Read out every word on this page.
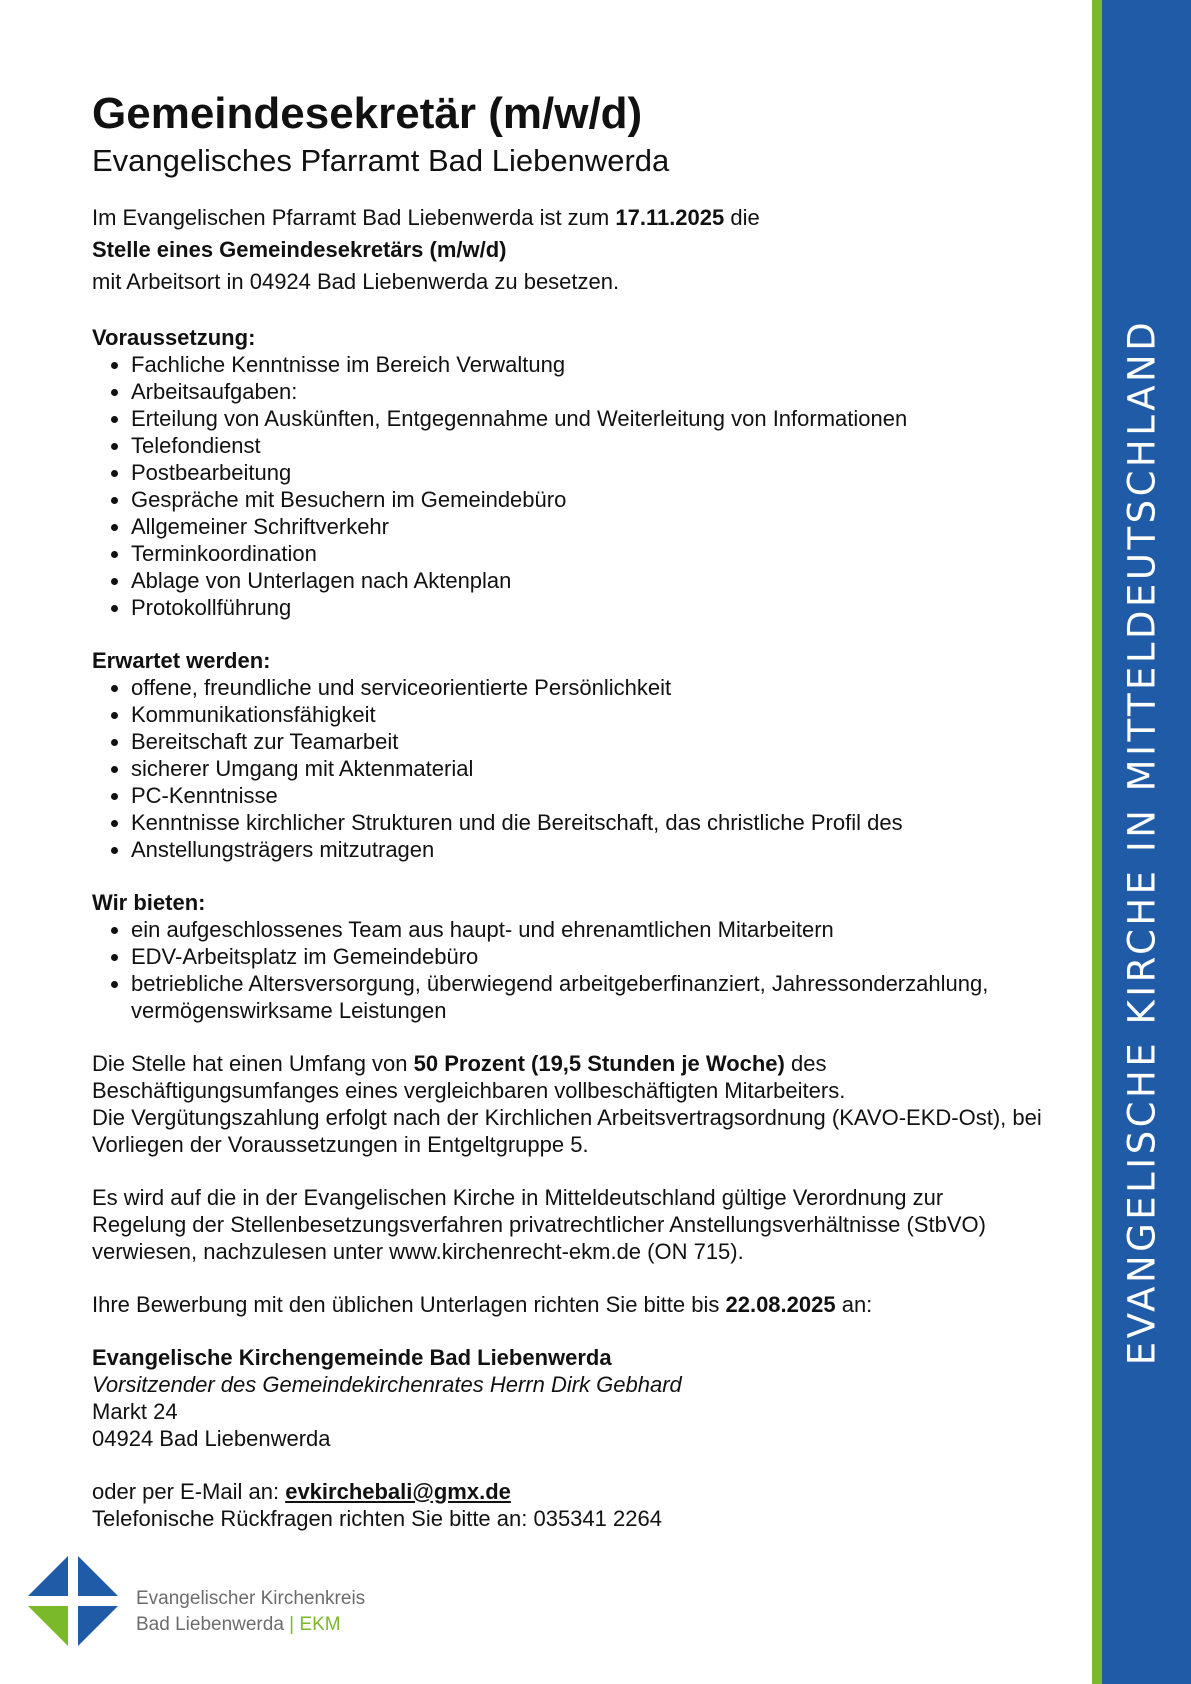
EVANGELISCHE KIRCHE IN MITTELDEUTSCHLAND
Gemeindesekretär (m/w/d)
Evangelisches Pfarramt Bad Liebenwerda
Im Evangelischen Pfarramt Bad Liebenwerda ist zum 17.11.2025 die
Stelle eines Gemeindesekretärs (m/w/d)
mit Arbeitsort in 04924 Bad Liebenwerda zu besetzen.
Voraussetzung:
• Fachliche Kenntnisse im Bereich Verwaltung
• Arbeitsaufgaben:
• Erteilung von Auskünften, Entgegennahme und Weiterleitung von Informationen
• Telefondienst
• Postbearbeitung
• Gespräche mit Besuchern im Gemeindebüro
• Allgemeiner Schriftverkehr
• Terminkoordination
• Ablage von Unterlagen nach Aktenplan
• Protokollführung
Erwartet werden:
• offene, freundliche und serviceorientierte Persönlichkeit
• Kommunikationsfähigkeit
• Bereitschaft zur Teamarbeit
• sicherer Umgang mit Aktenmaterial
• PC-Kenntnisse
• Kenntnisse kirchlicher Strukturen und die Bereitschaft, das christliche Profil des
• Anstellungsträgers mitzutragen
Wir bieten:
• ein aufgeschlossenes Team aus haupt- und ehrenamtlichen Mitarbeitern
• EDV-Arbeitsplatz im Gemeindebüro
• betriebliche Altersversorgung, überwiegend arbeitgeberfinanziert, Jahressonderzahlung, vermögenswirksame Leistungen

Die Stelle hat einen Umfang von 50 Prozent (19,5 Stunden je Woche) des Beschäftigungsumfanges eines vergleichbaren vollbeschäftigten Mitarbeiters.

Die Vergütungszahlung erfolgt nach der Kirchlichen Arbeitsvertragsordnung (KAVO-EKD-Ost), bei Vorliegen der Voraussetzungen in Entgeltgruppe 5.

Es wird auf die in der Evangelischen Kirche in Mitteldeutschland gültige Verordnung zur Regelung der Stellenbesetzungsverfahren privatrechtlicher Anstellungsverhältnisse (StbVO) verwiesen, nachzulesen unter www.kirchenrecht-ekm.de (ON 715).
Ihre Bewerbung mit den üblichen Unterlagen richten Sie bitte bis 22.08.2025 an:
Evangelische Kirchengemeinde Bad Liebenwerda
Vorsitzender des Gemeindekirchenrates Herrn Dirk Gebhard
Markt 24
04924 Bad Liebenwerda
oder per E-Mail an: evkirchebali@gmx.de
Telefonische Rückfragen richten Sie bitte an: 035341 2264
Evangelischer Kirchenkreis
Bad Liebenwerda | EKM
